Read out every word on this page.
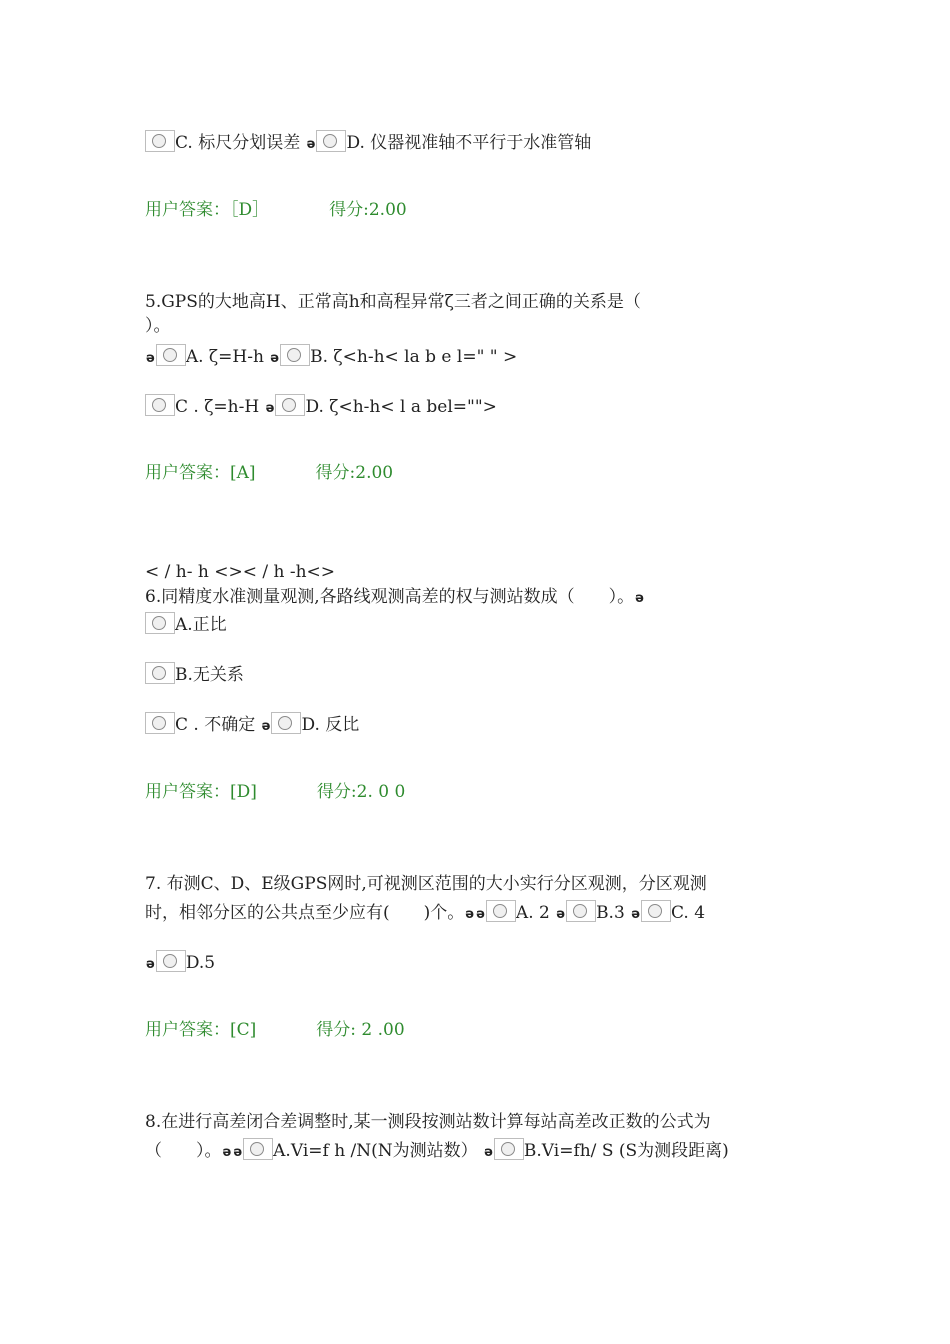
C. 标尺分划误差 ǝ D. 仪器视准轴不平行于水准管轴
用户答案：［D］	得分:2.00
5.GPS的大地高H、正常高h和高程异常ζ三者之间正确的关系是（
）。
ǝ A. ζ=H-h ǝ B. ζ<h-h< la b e l=" " >
C . ζ=h-H ǝ D. ζ<h-h< l a bel="">
用户答案：[A]	得分:2.00
< / h- h <>< / h -h<>
6.同精度水准测量观测,各路线观测高差的权与测站数成（　　）。ǝ
A.正比
B.无关系
C . 不确定 ǝ D. 反比
用户答案：[D]	得分:2. 0 0
7. 布测C、D、E级GPS网时,可视测区范围的大小实行分区观测，分区观测
时，相邻分区的公共点至少应有(　　)个。ǝ ǝ A. 2 ǝ B.3 ǝ C. 4
ǝ D.5
用户答案：[C]	得分: 2 .00
8.在进行高差闭合差调整时,某一测段按测站数计算每站高差改正数的公式为
（　　）。ǝ ǝ A.Vi=f h /N(N为测站数） ǝ B.Vi=fh/ S (S为测段距离)
